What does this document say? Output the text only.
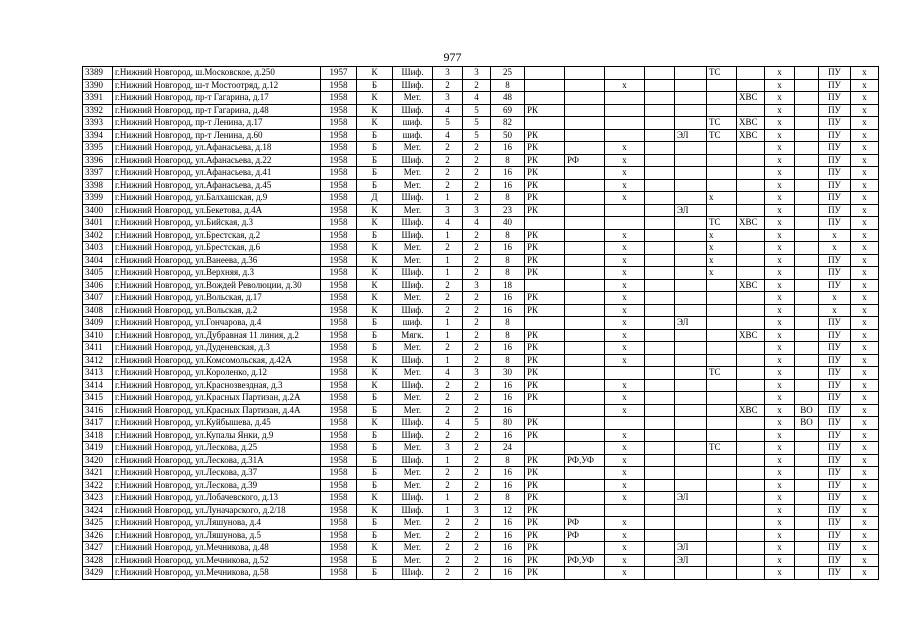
977
3389	г.Нижний Новгород, ш.Московское, д.250	1957	К	Шиф.	3	3	25						ТС		х		ПУ	х
3390	г.Нижний Новгород, ш-т Мостоотряд, д.12	1958	Б	Шиф.	2	2	8			х					х		ПУ	х
3391	г.Нижний Новгород, пр-т Гагарина, д.17	1958	К	Мет.	3	4	48							ХВС	х		ПУ	х
3392	г.Нижний Новгород, пр-т Гагарина, д.48	1958	К	Шиф.	4	5	69	РК							х		ПУ	х
3393	г.Нижний Новгород, пр-т Ленина, д.17	1958	К	шиф.	5	5	82						ТС	ХВС	х		ПУ	х
3394	г.Нижний Новгород, пр-т Ленина, д.60	1958	Б	шиф.	4	5	50	РК				ЭЛ	ТС	ХВС	х		ПУ	х
3395	г.Нижний Новгород, ул.Афанасьева, д.18	1958	Б	Мет.	2	2	16	РК		х					х		ПУ	х
3396	г.Нижний Новгород, ул.Афанасьева, д.22	1958	Б	Шиф.	2	2	8	РК	РФ	х					х		ПУ	х
3397	г.Нижний Новгород, ул.Афанасьева, д.41	1958	Б	Мет.	2	2	16	РК		х					х		ПУ	х
3398	г.Нижний Новгород, ул.Афанасьева, д.45	1958	Б	Мет.	2	2	16	РК		х					х		ПУ	х
3399	г.Нижний Новгород, ул.Балхашская, д.9	1958	Д	Шиф.	1	2	8	РК		х			х		х		ПУ	х
3400	г.Нижний Новгород, ул.Бекетова, д.4А	1958	К	Мет.	3	3	23	РК				ЭЛ			х		ПУ	х
3401	г.Нижний Новгород, ул.Бийская, д.3	1958	К	Шиф.	4	4	40						ТС	ХВС	х		ПУ	х
3402	г.Нижний Новгород, ул.Брестская, д.2	1958	Б	Шиф.	1	2	8	РК		х			х		х		х	х
3403	г.Нижний Новгород, ул.Брестская, д.6	1958	К	Мет.	2	2	16	РК		х			х		х		х	х
3404	г.Нижний Новгород, ул.Ванеева, д.36	1958	К	Мет.	1	2	8	РК		х			х		х		ПУ	х
3405	г.Нижний Новгород, ул.Верхняя, д.3	1958	К	Шиф.	1	2	8	РК		х			х		х		ПУ	х
3406	г.Нижний Новгород, ул.Вождей Революции, д.30	1958	К	Шиф.	2	3	18			х				ХВС	х		ПУ	х
3407	г.Нижний Новгород, ул.Вольская, д.17	1958	К	Мет.	2	2	16	РК		х					х		х	х
3408	г.Нижний Новгород, ул.Вольская, д.2	1958	К	Шиф.	2	2	16	РК		х					х		х	х
3409	г.Нижний Новгород, ул.Гончарова, д.4	1958	Б	шиф.	1	2	8			х		ЭЛ			х		ПУ	х
3410	г.Нижний Новгород, ул.Дубравная 11 линия, д.2	1958	Б	Мягк.	1	2	8	РК		х				ХВС	х		ПУ	х
3411	г.Нижний Новгород, ул.Дуденевская, д.3	1958	Б	Мет.	2	2	16	РК		х					х		ПУ	х
3412	г.Нижний Новгород, ул.Комсомольская, д.42А	1958	К	Шиф.	1	2	8	РК		х					х		ПУ	х
3413	г.Нижний Новгород, ул.Короленко, д.12	1958	К	Мет.	4	3	30	РК					ТС		х		ПУ	х
3414	г.Нижний Новгород, ул.Краснозвездная, д.3	1958	К	Шиф.	2	2	16	РК		х					х		ПУ	х
3415	г.Нижний Новгород, ул.Красных Партизан, д.2А	1958	Б	Мет.	2	2	16	РК		х					х		ПУ	х
3416	г.Нижний Новгород, ул.Красных Партизан, д.4А	1958	Б	Мет.	2	2	16			х				ХВС	х	ВО	ПУ	х
3417	г.Нижний Новгород, ул.Куйбышева, д.45	1958	К	Шиф.	4	5	80	РК							х	ВО	ПУ	х
3418	г.Нижний Новгород, ул.Купалы Янки, д.9	1958	Б	Шиф.	2	2	16	РК		х					х		ПУ	х
3419	г.Нижний Новгород, ул.Лескова, д.25	1958	Б	Мет.	3	2	24			х			ТС		х		ПУ	х
3420	г.Нижний Новгород, ул.Лескова, д.31А	1958	Б	Шиф.	1	2	8	РК	РФ,УФ	х					х		ПУ	х
3421	г.Нижний Новгород, ул.Лескова, д.37	1958	Б	Мет.	2	2	16	РК		х					х		ПУ	х
3422	г.Нижний Новгород, ул.Лескова, д.39	1958	Б	Мет.	2	2	16	РК		х					х		ПУ	х
3423	г.Нижний Новгород, ул.Лобачевского, д.13	1958	К	Шиф.	1	2	8	РК		х		ЭЛ			х		ПУ	х
3424	г.Нижний Новгород, ул.Луначарского, д.2/18	1958	К	Шиф.	1	3	12	РК							х		ПУ	х
3425	г.Нижний Новгород, ул.Ляшунова, д.4	1958	Б	Мет.	2	2	16	РК	РФ	х					х		ПУ	х
3426	г.Нижний Новгород, ул.Ляшунова, д.5	1958	Б	Мет.	2	2	16	РК	РФ	х					х		ПУ	х
3427	г.Нижний Новгород, ул.Мечникова, д.48	1958	К	Мет.	2	2	16	РК		х		ЭЛ			х		ПУ	х
3428	г.Нижний Новгород, ул.Мечникова, д.52	1958	Б	Мет.	2	2	16	РК	РФ,УФ	х		ЭЛ			х		ПУ	х
3429	г.Нижний Новгород, ул.Мечникова, д.58	1958	Б	Шиф.	2	2	16	РК		х					х		ПУ	х
